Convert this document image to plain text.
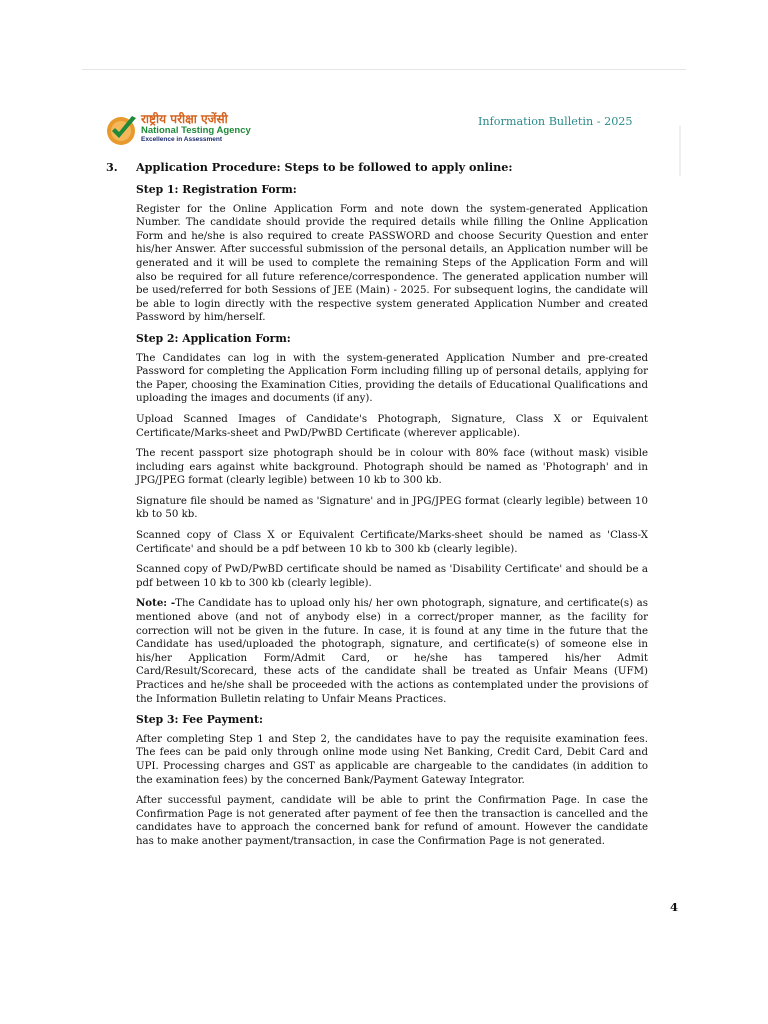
राष्ट्रीय परीक्षा एजेंसी
National Testing Agency
Excellence in Assessment
Information Bulletin - 2025
3. Application Procedure: Steps to be followed to apply online:
Step 1: Registration Form:

Register for the Online Application Form and note down the system-generated Application Number. The candidate should provide the required details while filling the Online Application Form and he/she is also required to create PASSWORD and choose Security Question and enter his/her Answer. After successful submission of the personal details, an Application number will be generated and it will be used to complete the remaining Steps of the Application Form and will also be required for all future reference/correspondence. The generated application number will be used/referred for both Sessions of JEE (Main) - 2025. For subsequent logins, the candidate will be able to login directly with the respective system generated Application Number and created Password by him/herself.

Step 2: Application Form:

The Candidates can log in with the system-generated Application Number and pre-created Password for completing the Application Form including filling up of personal details, applying for the Paper, choosing the Examination Cities, providing the details of Educational Qualifications and uploading the images and documents (if any).

Upload Scanned Images of Candidate's Photograph, Signature, Class X or Equivalent Certificate/Marks-sheet and PwD/PwBD Certificate (wherever applicable).

The recent passport size photograph should be in colour with 80% face (without mask) visible including ears against white background. Photograph should be named as 'Photograph' and in JPG/JPEG format (clearly legible) between 10 kb to 300 kb.

Signature file should be named as 'Signature' and in JPG/JPEG format (clearly legible) between 10 kb to 50 kb.

Scanned copy of Class X or Equivalent Certificate/Marks-sheet should be named as 'Class-X Certificate' and should be a pdf between 10 kb to 300 kb (clearly legible).

Scanned copy of PwD/PwBD certificate should be named as 'Disability Certificate' and should be a pdf between 10 kb to 300 kb (clearly legible).

Note: -The Candidate has to upload only his/ her own photograph, signature, and certificate(s) as mentioned above (and not of anybody else) in a correct/proper manner, as the facility for correction will not be given in the future. In case, it is found at any time in the future that the Candidate has used/uploaded the photograph, signature, and certificate(s) of someone else in his/her Application Form/Admit Card, or he/she has tampered his/her Admit Card/Result/Scorecard, these acts of the candidate shall be treated as Unfair Means (UFM) Practices and he/she shall be proceeded with the actions as contemplated under the provisions of the Information Bulletin relating to Unfair Means Practices.

Step 3: Fee Payment:

After completing Step 1 and Step 2, the candidates have to pay the requisite examination fees. The fees can be paid only through online mode using Net Banking, Credit Card, Debit Card and UPI. Processing charges and GST as applicable are chargeable to the candidates (in addition to the examination fees) by the concerned Bank/Payment Gateway Integrator.

After successful payment, candidate will be able to print the Confirmation Page. In case the Confirmation Page is not generated after payment of fee then the transaction is cancelled and the candidates have to approach the concerned bank for refund of amount. However the candidate has to make another payment/transaction, in case the Confirmation Page is not generated.

4
